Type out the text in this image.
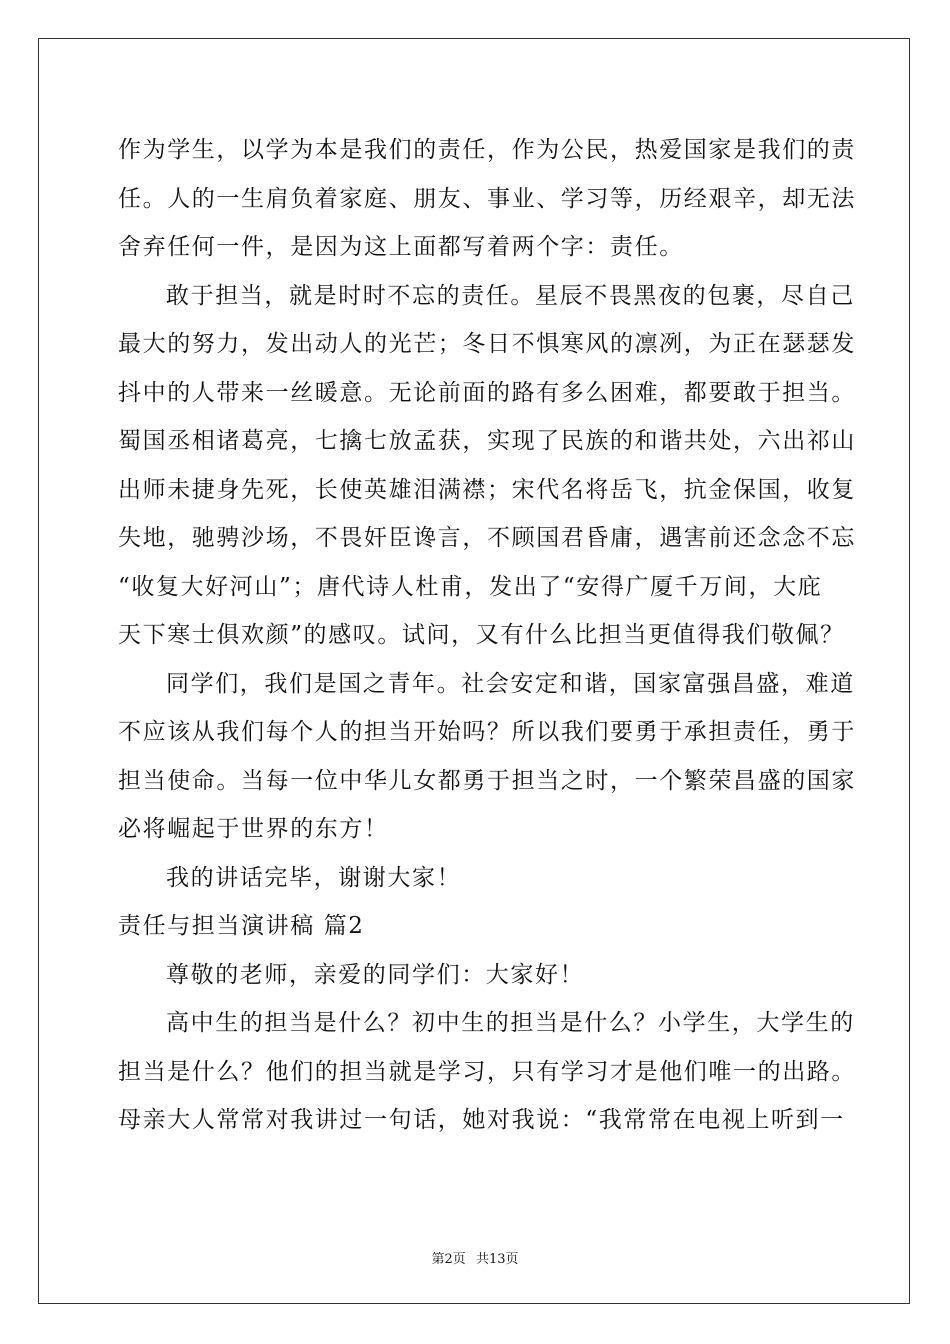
作为学生，以学为本是我们的责任，作为公民，热爱国家是我们的责
任。人的一生肩负着家庭、朋友、事业、学习等，历经艰辛，却无法
舍弃任何一件，是因为这上面都写着两个字：责任。
敢于担当，就是时时不忘的责任。星辰不畏黑夜的包裹，尽自己
最大的努力，发出动人的光芒；冬日不惧寒风的凛冽，为正在瑟瑟发
抖中的人带来一丝暖意。无论前面的路有多么困难，都要敢于担当。
蜀国丞相诸葛亮，七擒七放孟获，实现了民族的和谐共处，六出祁山
出师未捷身先死，长使英雄泪满襟；宋代名将岳飞，抗金保国，收复
失地，驰骋沙场，不畏奸臣谗言，不顾国君昏庸，遇害前还念念不忘
“收复大好河山”；唐代诗人杜甫，发出了“安得广厦千万间，大庇
天下寒士俱欢颜”的感叹。试问，又有什么比担当更值得我们敬佩？
同学们，我们是国之青年。社会安定和谐，国家富强昌盛，难道
不应该从我们每个人的担当开始吗？所以我们要勇于承担责任，勇于
担当使命。当每一位中华儿女都勇于担当之时，一个繁荣昌盛的国家
必将崛起于世界的东方！
我的讲话完毕，谢谢大家！
责任与担当演讲稿 篇2
尊敬的老师，亲爱的同学们：大家好！
高中生的担当是什么？初中生的担当是什么？小学生，大学生的
担当是什么？他们的担当就是学习，只有学习才是他们唯一的出路。
母亲大人常常对我讲过一句话，她对我说：“我常常在电视上听到一
第2页 共13页
